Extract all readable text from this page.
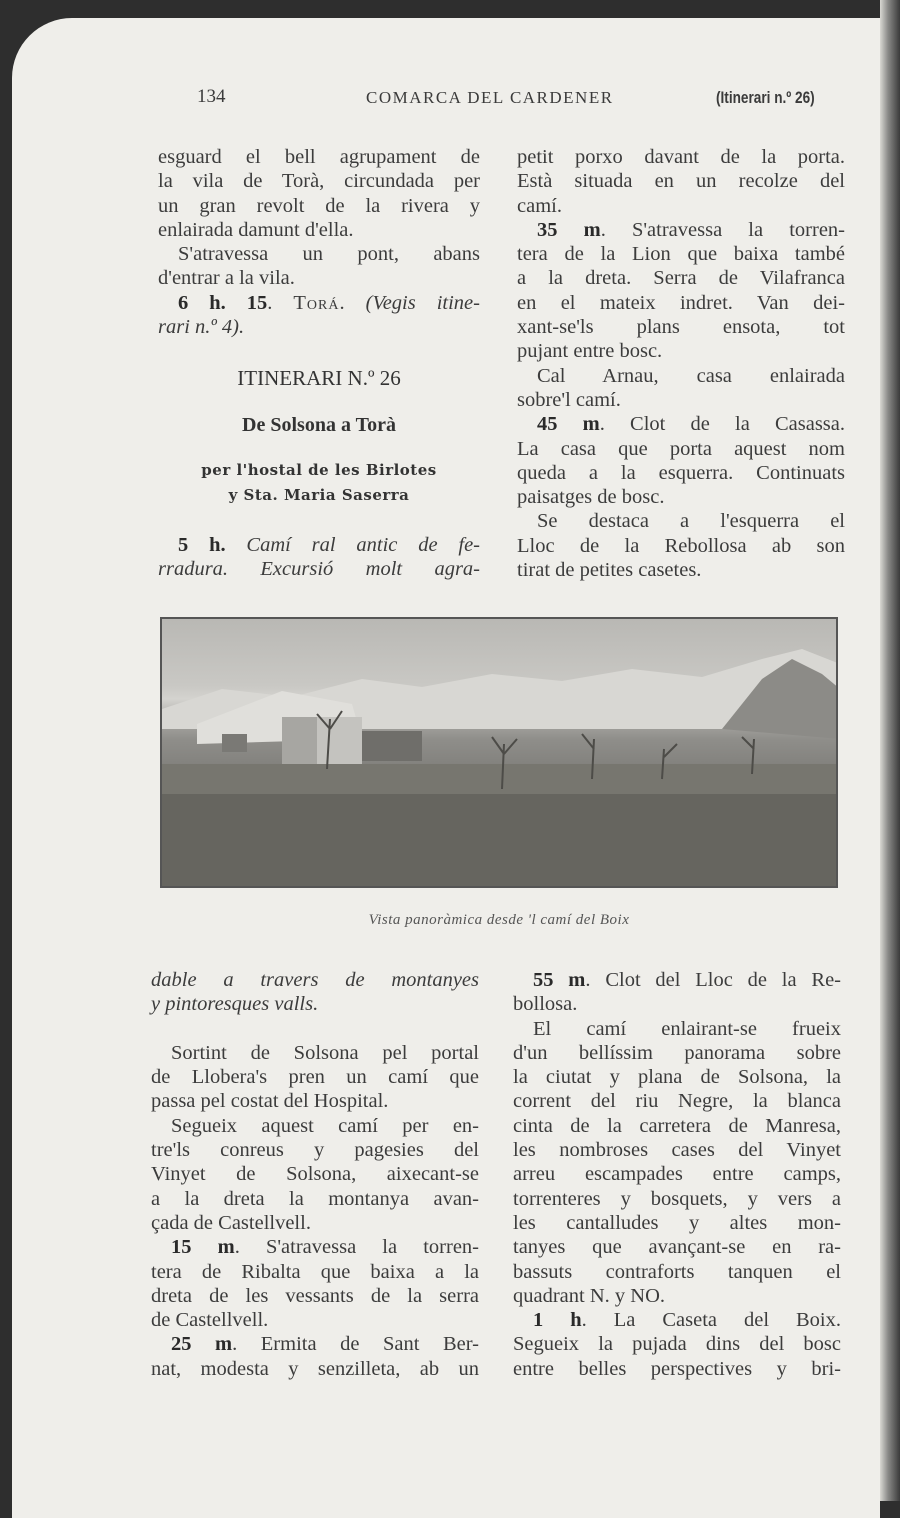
134	COMARCA DEL CARDENER	(Itinerari n.º 26)
esguard el bell agrupament de
la vila de Torà, circundada per
un gran revolt de la rivera y
enlairada damunt d'ella.
S'atravessa un pont, abans
d'entrar a la vila.
6 h. 15. Torá. (Vegis itine-
rari n.º 4).
ITINERARI N.º 26
De Solsona a Torà
per l'hostal de les Birlotes
y Sta. Maria Saserra
5 h. Camí ral antic de fe-
rradura. Excursió molt agra-
petit porxo davant de la porta.
Està situada en un recolze del
camí.
35 m. S'atravessa la torren-
tera de la Lion que baixa també
a la dreta. Serra de Vilafranca
en el mateix indret. Van dei-
xant-se'ls plans ensota, tot
pujant entre bosc.
Cal Arnau, casa enlairada
sobre'l camí.
45 m. Clot de la Casassa.
La casa que porta aquest nom
queda a la esquerra. Continuats
paisatges de bosc.
Se destaca a l'esquerra el
Lloc de la Rebollosa ab son
tirat de petites casetes.
Vista panoràmica desde 'l camí del Boix
dable a travers de montanyes
y pintoresques valls.
Sortint de Solsona pel portal
de Llobera's pren un camí que
passa pel costat del Hospital.
Segueix aquest camí per en-
tre'ls conreus y pagesies del
Vinyet de Solsona, aixecant-se
a la dreta la montanya avan-
çada de Castellvell.
15 m. S'atravessa la torren-
tera de Ribalta que baixa a la
dreta de les vessants de la serra
de Castellvell.
25 m. Ermita de Sant Ber-
nat, modesta y senzilleta, ab un
55 m. Clot del Lloc de la Re-
bollosa.
El camí enlairant-se frueix
d'un bellíssim panorama sobre
la ciutat y plana de Solsona, la
corrent del riu Negre, la blanca
cinta de la carretera de Manresa,
les nombroses cases del Vinyet
arreu escampades entre camps,
torrenteres y bosquets, y vers a
les cantalludes y altes mon-
tanyes que avançant-se en ra-
bassuts contraforts tanquen el
quadrant N. y NO.
1 h. La Caseta del Boix.
Segueix la pujada dins del bosc
entre belles perspectives y bri-
